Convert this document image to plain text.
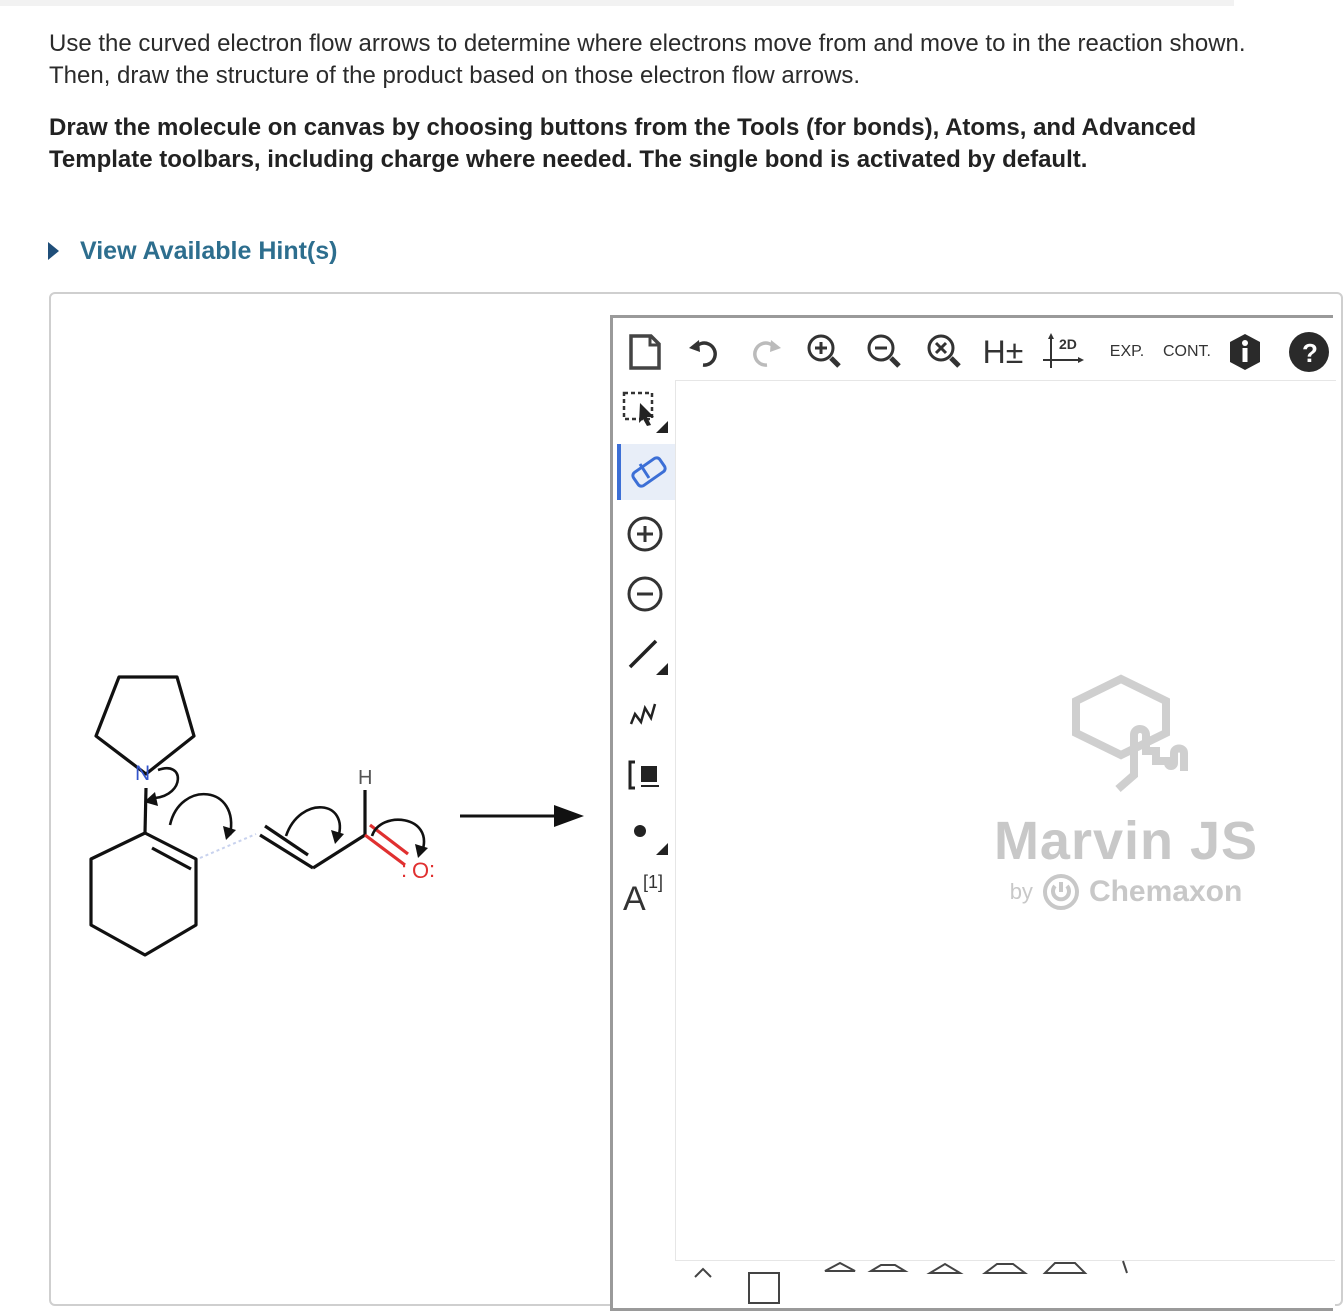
Use the curved electron flow arrows to determine where electrons move from and move to in the reaction shown. Then, draw the structure of the product based on those electron flow arrows.

Draw the molecule on canvas by choosing buttons from the Tools (for bonds), Atoms, and Advanced Template toolbars, including charge where needed. The single bond is activated by default.

View Available Hint(s)
N	H
O
: :
H±	2D EXP. CONT.	?
A
[1]
Marvin JS
by Chemaxon
